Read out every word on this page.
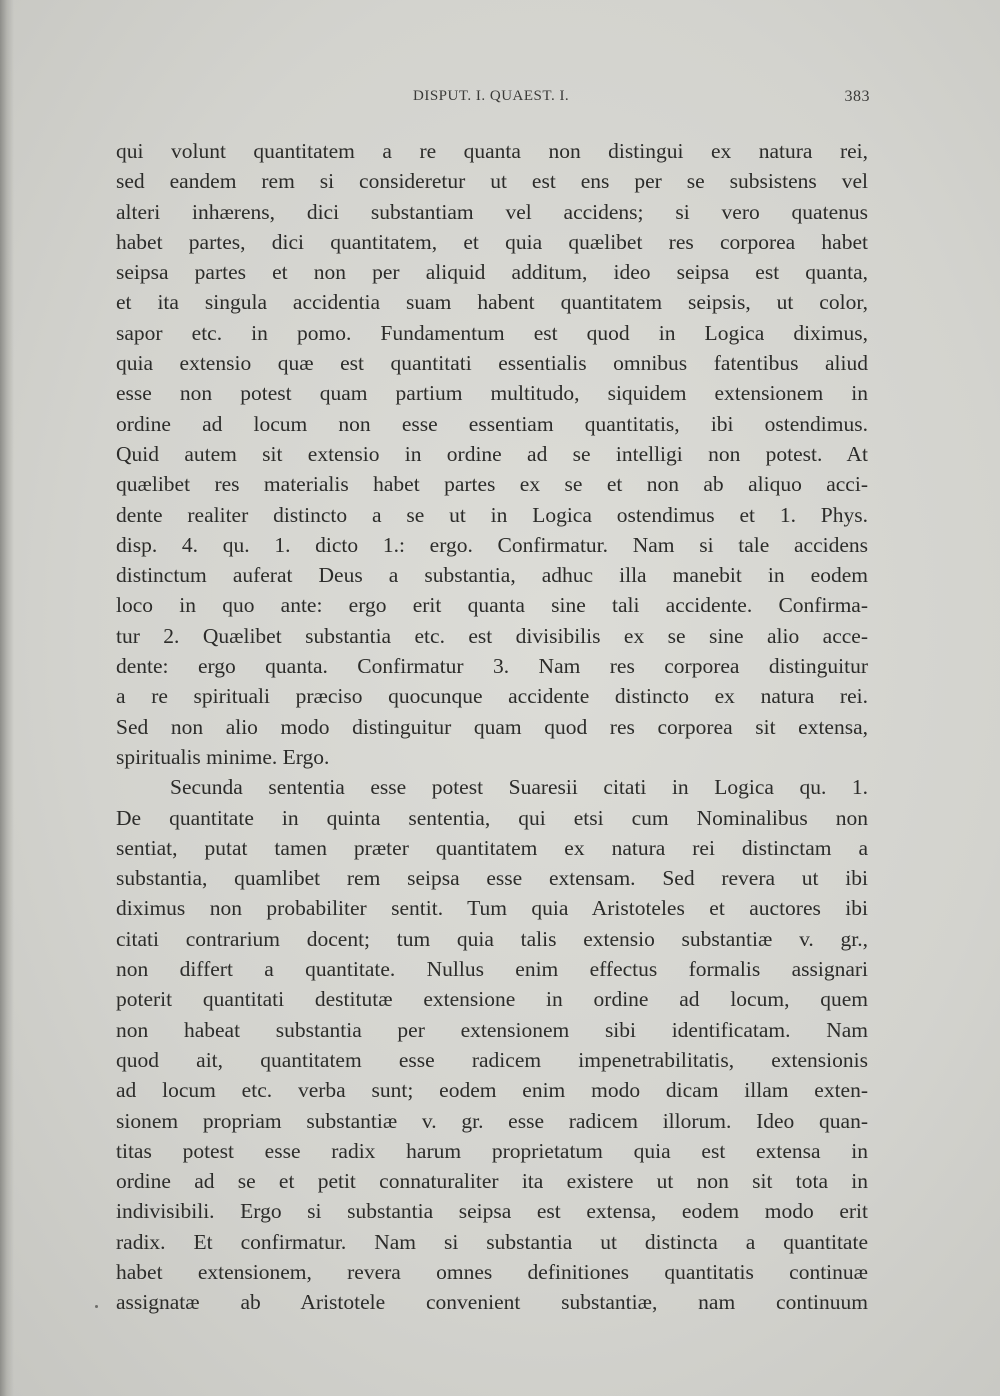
DISPUT. I. QUAEST. I.	383
qui volunt quantitatem a re quanta non distingui ex natura rei,
sed eandem rem si consideretur ut est ens per se subsistens vel
alteri inhærens, dici substantiam vel accidens; si vero quatenus
habet partes, dici quantitatem, et quia quælibet res corporea habet
seipsa partes et non per aliquid additum, ideo seipsa est quanta,
et ita singula accidentia suam habent quantitatem seipsis, ut color,
sapor etc. in pomo. Fundamentum est quod in Logica diximus,
quia extensio quæ est quantitati essentialis omnibus fatentibus aliud
esse non potest quam partium multitudo, siquidem extensionem in
ordine ad locum non esse essentiam quantitatis, ibi ostendimus.
Quid autem sit extensio in ordine ad se intelligi non potest. At
quælibet res materialis habet partes ex se et non ab aliquo acci-
dente realiter distincto a se ut in Logica ostendimus et 1. Phys.
disp. 4. qu. 1. dicto 1.: ergo. Confirmatur. Nam si tale accidens
distinctum auferat Deus a substantia, adhuc illa manebit in eodem
loco in quo ante: ergo erit quanta sine tali accidente. Confirma-
tur 2. Quælibet substantia etc. est divisibilis ex se sine alio acce-
dente: ergo quanta. Confirmatur 3. Nam res corporea distinguitur
a re spirituali præciso quocunque accidente distincto ex natura rei.
Sed non alio modo distinguitur quam quod res corporea sit extensa,
spiritualis minime. Ergo.
Secunda sententia esse potest Suaresii citati in Logica qu. 1.
De quantitate in quinta sententia, qui etsi cum Nominalibus non
sentiat, putat tamen præter quantitatem ex natura rei distinctam a
substantia, quamlibet rem seipsa esse extensam. Sed revera ut ibi
diximus non probabiliter sentit. Tum quia Aristoteles et auctores ibi
citati contrarium docent; tum quia talis extensio substantiæ v. gr.,
non differt a quantitate. Nullus enim effectus formalis assignari
poterit quantitati destitutæ extensione in ordine ad locum, quem
non habeat substantia per extensionem sibi identificatam. Nam
quod ait, quantitatem esse radicem impenetrabilitatis, extensionis
ad locum etc. verba sunt; eodem enim modo dicam illam exten-
sionem propriam substantiæ v. gr. esse radicem illorum. Ideo quan-
titas potest esse radix harum proprietatum quia est extensa in
ordine ad se et petit connaturaliter ita existere ut non sit tota in
indivisibili. Ergo si substantia seipsa est extensa, eodem modo erit
radix. Et confirmatur. Nam si substantia ut distincta a quantitate
habet extensionem, revera omnes definitiones quantitatis continuæ
assignatæ ab Aristotele convenient substantiæ, nam continuum
